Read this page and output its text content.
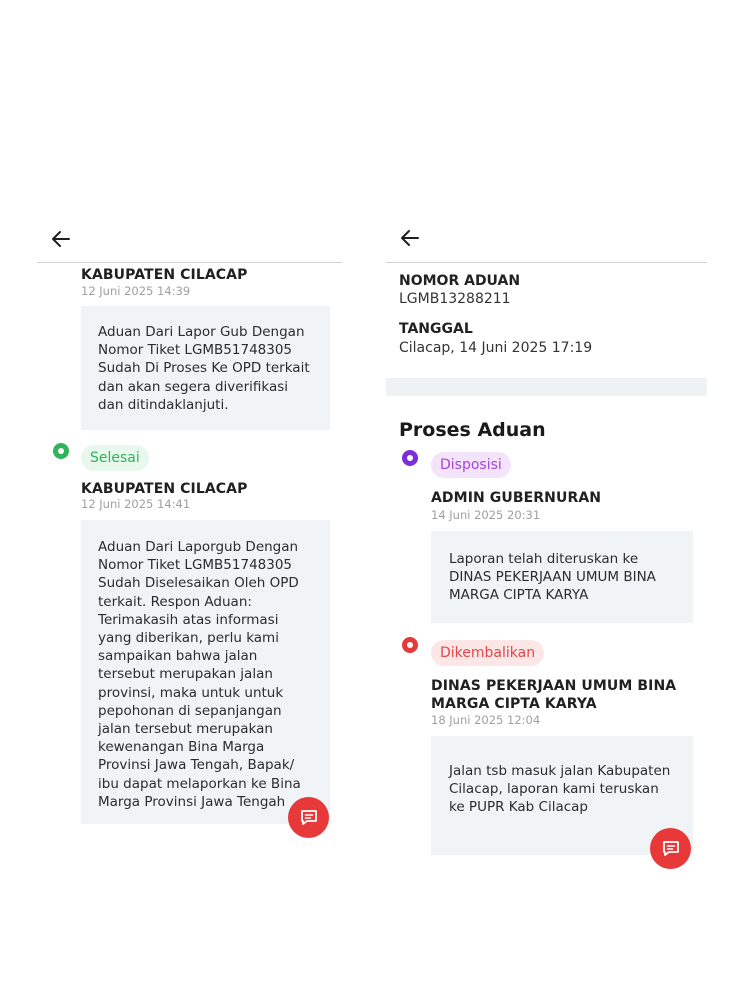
KABUPATEN CILACAP
12 Juni 2025 14:39
Aduan Dari Lapor Gub Dengan Nomor Tiket LGMB51748305 Sudah Di Proses Ke OPD terkait dan akan segera diverifikasi dan ditindaklanjuti.
Selesai
KABUPATEN CILACAP
12 Juni 2025 14:41
Aduan Dari Laporgub Dengan Nomor Tiket LGMB51748305 Sudah Diselesaikan Oleh OPD terkait. Respon Aduan: Terimakasih atas informasi yang diberikan, perlu kami sampaikan bahwa jalan tersebut merupakan jalan provinsi, maka untuk untuk pepohonan di sepanjangan jalan tersebut merupakan kewenangan Bina Marga Provinsi Jawa Tengah, Bapak/ ibu dapat melaporkan ke Bina Marga Provinsi Jawa Tengah
NOMOR ADUAN
LGMB13288211
TANGGAL
Cilacap, 14 Juni 2025 17:19
Proses Aduan
Disposisi
ADMIN GUBERNURAN
14 Juni 2025 20:31
Laporan telah diteruskan ke DINAS PEKERJAAN UMUM BINA MARGA CIPTA KARYA
Dikembalikan
DINAS PEKERJAAN UMUM BINA MARGA CIPTA KARYA
18 Juni 2025 12:04
Jalan tsb masuk jalan Kabupaten Cilacap, laporan kami teruskan ke PUPR Kab Cilacap
